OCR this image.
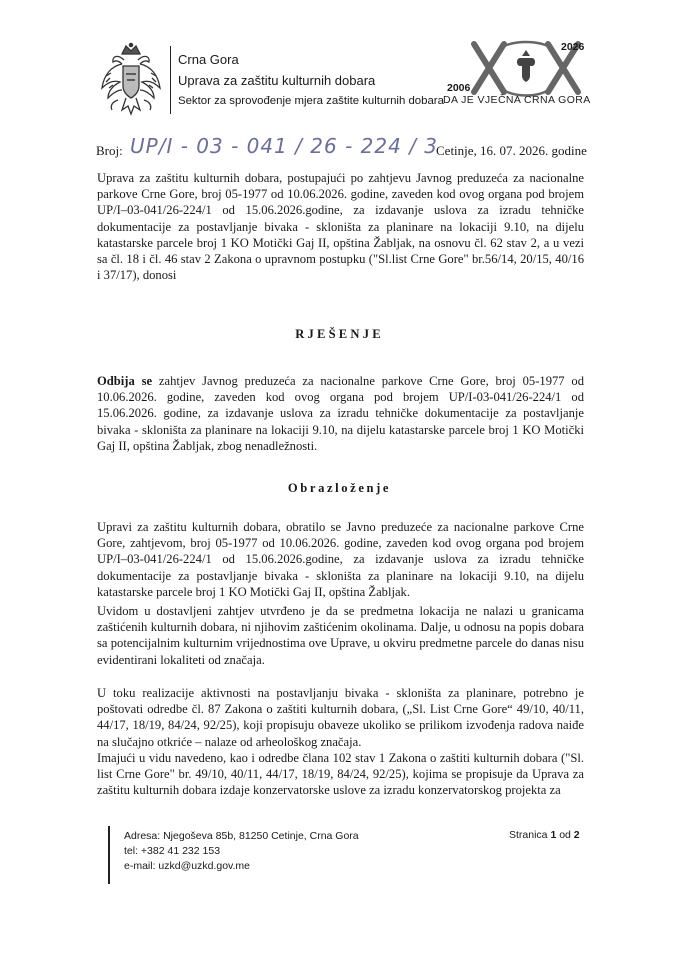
Crna Gora
Uprava za zaštitu kulturnih dobara
Sektor za sprovođenje mjera zaštite kulturnih dobara
2026
2006
DA JE VJEČNA CRNA GORA
Broj: UP/I - 03 - 041 / 26 - 224 / 3
Cetinje, 16. 07. 2026. godine
Uprava za zaštitu kulturnih dobara, postupajući po zahtjevu Javnog preduzeća za nacionalne parkove Crne Gore, broj 05-1977 od 10.06.2026. godine, zaveden kod ovog organa pod brojem UP/I–03-041/26-224/1 od 15.06.2026.godine, za izdavanje uslova za izradu tehničke dokumentacije za postavljanje bivaka - skloništa za planinare na lokaciji 9.10, na dijelu katastarske parcele broj 1 KO Motički Gaj II, opština Žabljak, na osnovu čl. 62 stav 2, a u vezi sa čl. 18 i čl. 46 stav 2 Zakona o upravnom postupku ("Sl.list Crne Gore" br.56/14, 20/15, 40/16 i 37/17), donosi
RJEŠENJE
Odbija se zahtjev Javnog preduzeća za nacionalne parkove Crne Gore, broj 05-1977 od 10.06.2026. godine, zaveden kod ovog organa pod brojem UP/I-03-041/26-224/1 od 15.06.2026. godine, za izdavanje uslova za izradu tehničke dokumentacije za postavljanje bivaka - skloništa za planinare na lokaciji 9.10, na dijelu katastarske parcele broj 1 KO Motički Gaj II, opština Žabljak, zbog nenadležnosti.
Obrazloženje
Upravi za zaštitu kulturnih dobara, obratilo se Javno preduzeće za nacionalne parkove Crne Gore, zahtjevom, broj 05-1977 od 10.06.2026. godine, zaveden kod ovog organa pod brojem UP/I–03-041/26-224/1 od 15.06.2026.godine, za izdavanje uslova za izradu tehničke dokumentacije za postavljanje bivaka - skloništa za planinare na lokaciji 9.10, na dijelu katastarske parcele broj 1 KO Motički Gaj II, opština Žabljak.
Uvidom u dostavljeni zahtjev utvrđeno je da se predmetna lokacija ne nalazi u granicama zaštićenih kulturnih dobara, ni njihovim zaštićenim okolinama. Dalje, u odnosu na popis dobara sa potencijalnim kulturnim vrijednostima ove Uprave, u okviru predmetne parcele do danas nisu evidentirani lokaliteti od značaja.
U toku realizacije aktivnosti na postavljanju bivaka - skloništa za planinare, potrebno je poštovati odredbe čl. 87 Zakona o zaštiti kulturnih dobara, („Sl. List Crne Gore“ 49/10, 40/11, 44/17, 18/19, 84/24, 92/25), koji propisuju obaveze ukoliko se prilikom izvođenja radova naiđe na slučajno otkriće – nalaze od arheološkog značaja.
Imajući u vidu navedeno, kao i odredbe člana 102 stav 1 Zakona o zaštiti kulturnih dobara ("Sl. list Crne Gore" br. 49/10, 40/11, 44/17, 18/19, 84/24, 92/25), kojima se propisuje da Uprava za zaštitu kulturnih dobara izdaje konzervatorske uslove za izradu konzervatorskog projekta za
Adresa: Njegoševa 85b, 81250 Cetinje, Crna Gora
tel: +382 41 232 153
e-mail: uzkd@uzkd.gov.me
Stranica 1 od 2
